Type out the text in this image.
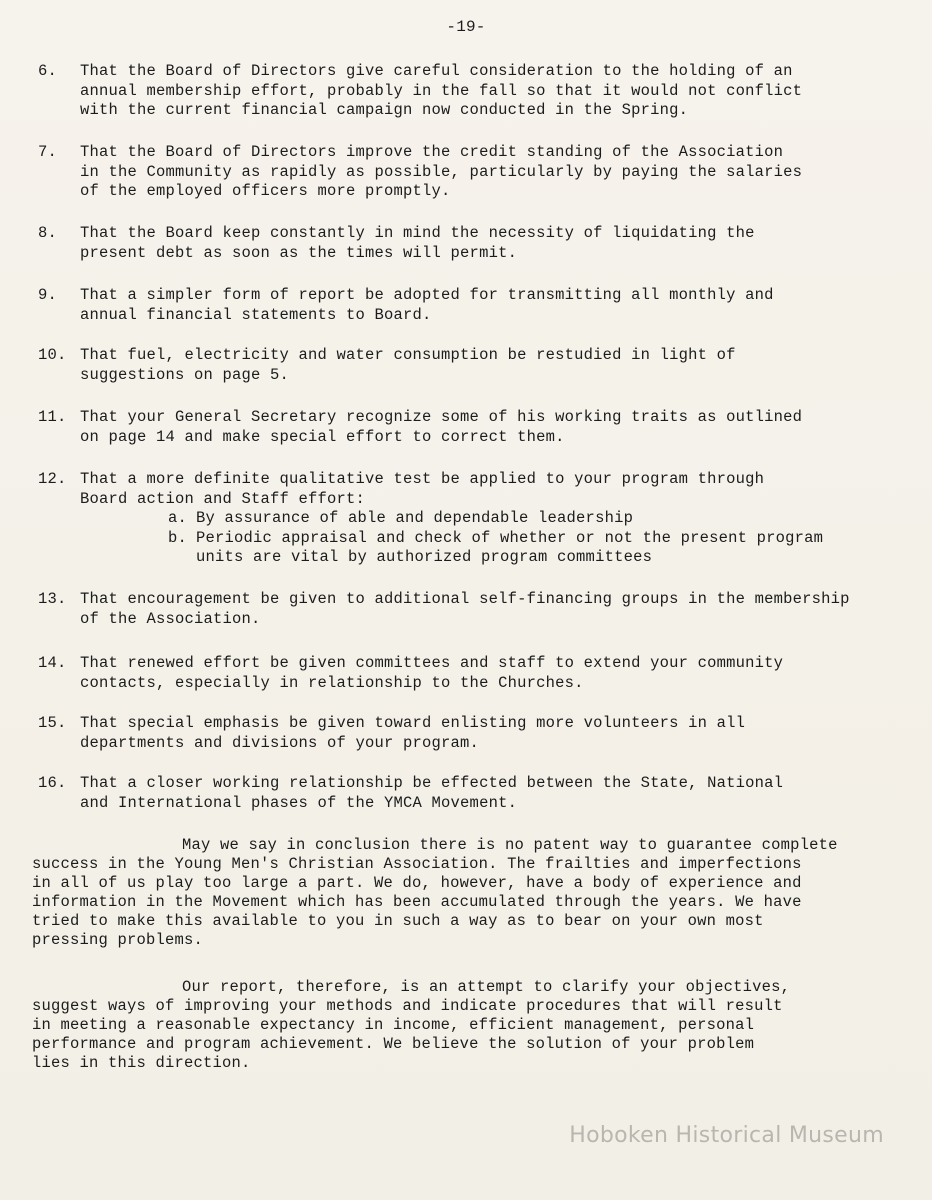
-19-
6. That the Board of Directors give careful consideration to the holding of an
annual membership effort, probably in the fall so that it would not conflict
with the current financial campaign now conducted in the Spring.
7. That the Board of Directors improve the credit standing of the Association
in the Community as rapidly as possible, particularly by paying the salaries
of the employed officers more promptly.
8. That the Board keep constantly in mind the necessity of liquidating the
present debt as soon as the times will permit.
9. That a simpler form of report be adopted for transmitting all monthly and
annual financial statements to Board.
10. That fuel, electricity and water consumption be restudied in light of
suggestions on page 5.
11. That your General Secretary recognize some of his working traits as outlined
on page 14 and make special effort to correct them.
12. That a more definite qualitative test be applied to your program through
Board action and Staff effort:
a. By assurance of able and dependable leadership
b. Periodic appraisal and check of whether or not the present program
units are vital by authorized program committees
13. That encouragement be given to additional self-financing groups in the membership
of the Association.
14. That renewed effort be given committees and staff to extend your community
contacts, especially in relationship to the Churches.
15. That special emphasis be given toward enlisting more volunteers in all
departments and divisions of your program.
16. That a closer working relationship be effected between the State, National
and International phases of the YMCA Movement.
May we say in conclusion there is no patent way to guarantee complete
success in the Young Men's Christian Association. The frailties and imperfections
in all of us play too large a part. We do, however, have a body of experience and
information in the Movement which has been accumulated through the years. We have
tried to make this available to you in such a way as to bear on your own most
pressing problems.
Our report, therefore, is an attempt to clarify your objectives,
suggest ways of improving your methods and indicate procedures that will result
in meeting a reasonable expectancy in income, efficient management, personal
performance and program achievement. We believe the solution of your problem
lies in this direction.
Hoboken Historical Museum
